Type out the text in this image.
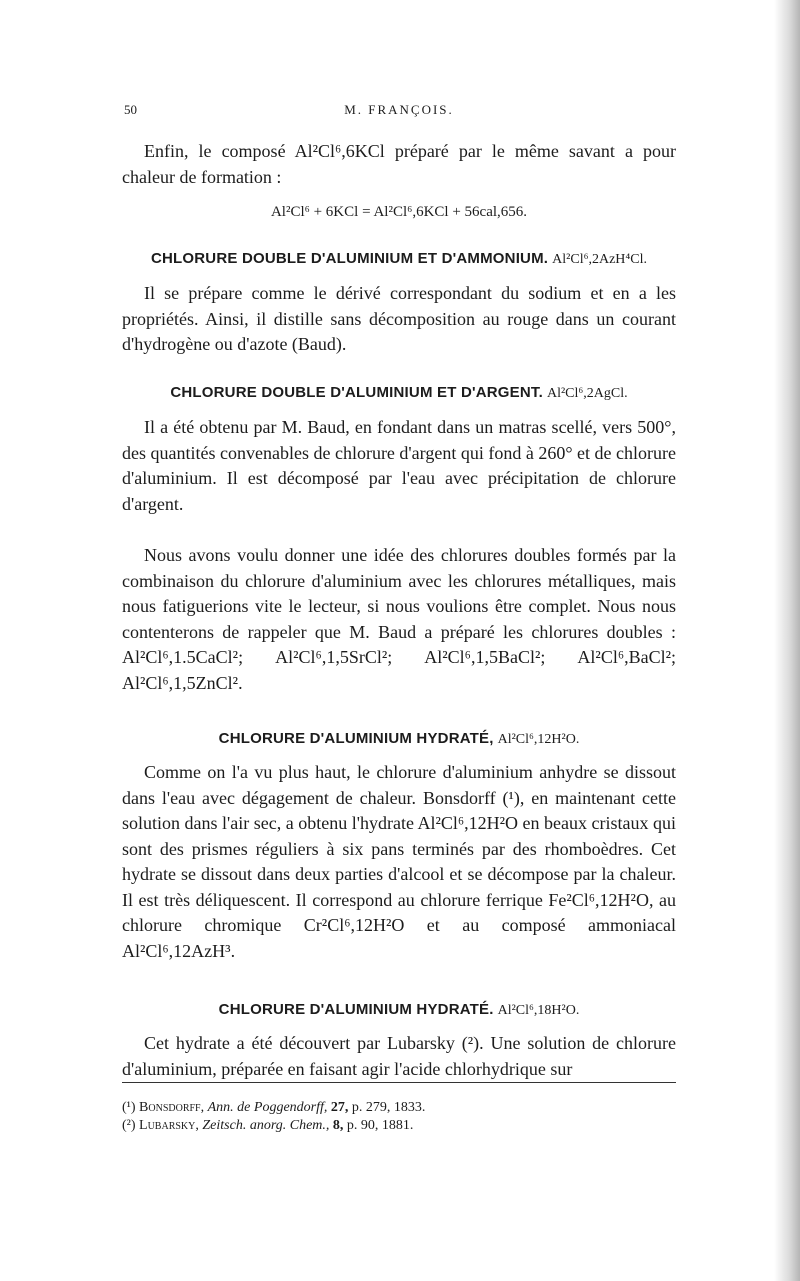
50	M. FRANÇOIS.

Enfin, le composé Al²Cl⁶,6KCl préparé par le même savant a pour chaleur de formation :

Al²Cl⁶ + 6KCl = Al²Cl⁶,6KCl + 56cal,656.
CHLORURE DOUBLE D'ALUMINIUM ET D'AMMONIUM. Al²Cl⁶,2AzH⁴Cl.

Il se prépare comme le dérivé correspondant du sodium et en a les propriétés. Ainsi, il distille sans décomposition au rouge dans un courant d'hydrogène ou d'azote (Baud).

CHLORURE DOUBLE D'ALUMINIUM ET D'ARGENT. Al²Cl⁶,2AgCl.

Il a été obtenu par M. Baud, en fondant dans un matras scellé, vers 500°, des quantités convenables de chlorure d'argent qui fond à 260° et de chlorure d'aluminium. Il est décomposé par l'eau avec précipitation de chlorure d'argent.

Nous avons voulu donner une idée des chlorures doubles formés par la combinaison du chlorure d'aluminium avec les chlorures métalliques, mais nous fatiguerions vite le lecteur, si nous voulions être complet. Nous nous contenterons de rappeler que M. Baud a préparé les chlorures doubles : Al²Cl⁶,1.5CaCl²; Al²Cl⁶,1,5SrCl²; Al²Cl⁶,1,5BaCl²; Al²Cl⁶,BaCl²; Al²Cl⁶,1,5ZnCl².

CHLORURE D'ALUMINIUM HYDRATÉ, Al²Cl⁶,12H²O.

Comme on l'a vu plus haut, le chlorure d'aluminium anhydre se dissout dans l'eau avec dégagement de chaleur. Bonsdorff (¹), en maintenant cette solution dans l'air sec, a obtenu l'hydrate Al²Cl⁶,12H²O en beaux cristaux qui sont des prismes réguliers à six pans terminés par des rhomboèdres. Cet hydrate se dissout dans deux parties d'alcool et se décompose par la chaleur. Il est très déliquescent. Il correspond au chlorure ferrique Fe²Cl⁶,12H²O, au chlorure chromique Cr²Cl⁶,12H²O et au composé ammoniacal Al²Cl⁶,12AzH³.

CHLORURE D'ALUMINIUM HYDRATÉ. Al²Cl⁶,18H²O.

Cet hydrate a été découvert par Lubarsky (²). Une solution de chlorure d'aluminium, préparée en faisant agir l'acide chlorhydrique sur

(¹) Bonsdorff, Ann. de Poggendorff, 27, p. 279, 1833.
(²) Lubarsky, Zeitsch. anorg. Chem., 8, p. 90, 1881.
